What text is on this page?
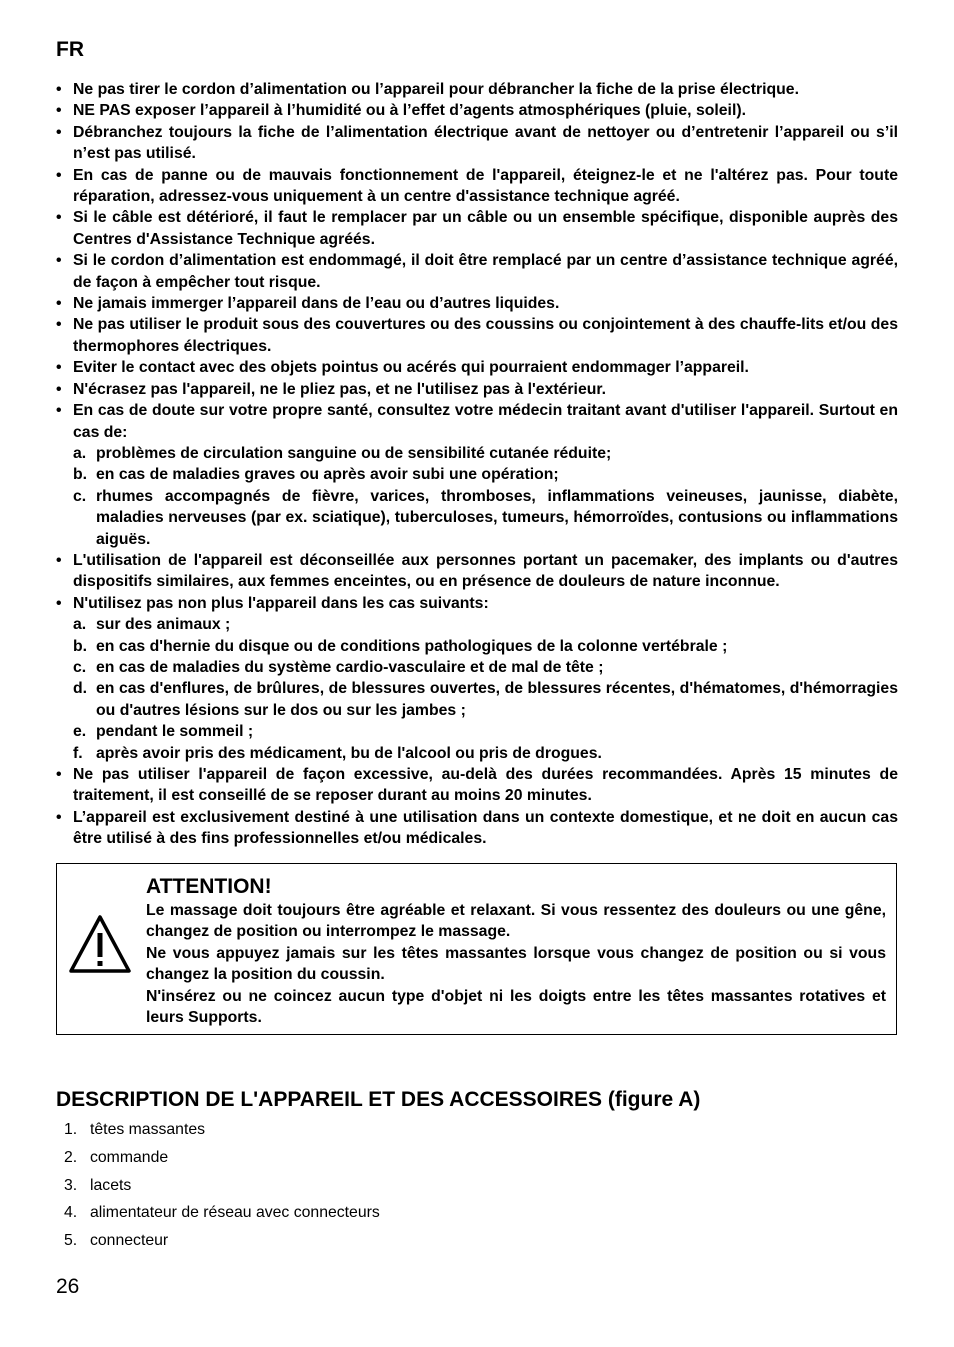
FR
• Ne pas tirer le cordon d’alimentation ou l’appareil pour débrancher la fiche de la prise électrique.
• NE PAS exposer l’appareil à l’humidité ou à l’effet d’agents atmosphériques (pluie, soleil).
• Débranchez toujours la fiche de l’alimentation électrique avant de nettoyer ou d’entretenir l’appareil ou s’il n’est pas utilisé.
• En cas de panne ou de mauvais fonctionnement de l'appareil, éteignez-le et ne l'altérez pas. Pour toute réparation, adressez-vous uniquement à un centre d'assistance technique agréé.
• Si le câble est détérioré, il faut le remplacer par un câble ou un ensemble spécifique, disponible auprès des Centres d'Assistance Technique agréés.
• Si le cordon d’alimentation est endommagé, il doit être remplacé par un centre d’assistance technique agréé, de façon à empêcher tout risque.
• Ne jamais immerger l’appareil dans de l’eau ou d’autres liquides.
• Ne pas utiliser le produit sous des couvertures ou des coussins ou conjointement à des chauffe-lits et/ou des thermophores électriques.
• Eviter le contact avec des objets pointus ou acérés qui pourraient endommager l’appareil.
• N'écrasez pas l'appareil, ne le pliez pas, et ne l'utilisez pas à l'extérieur.
• En cas de doute sur votre propre santé, consultez votre médecin traitant avant d'utiliser l'appareil. Surtout en cas de:
a. problèmes de circulation sanguine ou de sensibilité cutanée réduite;
b. en cas de maladies graves ou après avoir subi une opération;
c. rhumes accompagnés de fièvre, varices, thromboses, inflammations veineuses, jaunisse, diabète, maladies nerveuses (par ex. sciatique), tuberculoses, tumeurs, hémorroïdes, contusions ou inflammations aiguës.
• L'utilisation de l'appareil est déconseillée aux personnes portant un pacemaker, des implants ou d'autres dispositifs similaires, aux femmes enceintes, ou en présence de douleurs de nature inconnue.
• N'utilisez pas non plus l'appareil dans les cas suivants:
a. sur des animaux ;
b. en cas d'hernie du disque ou de conditions pathologiques de la colonne vertébrale ;
c. en cas de maladies du système cardio-vasculaire et de mal de tête ;
d. en cas d'enflures, de brûlures, de blessures ouvertes, de blessures récentes, d'hématomes, d'hémorragies ou d'autres lésions sur le dos ou sur les jambes ;
e. pendant le sommeil ;
f. après avoir pris des médicament, bu de l'alcool ou pris de drogues.
• Ne pas utiliser l'appareil de façon excessive, au-delà des durées recommandées. Après 15 minutes de traitement, il est conseillé de se reposer durant au moins 20 minutes.
• L’appareil est exclusivement destiné à une utilisation dans un contexte domestique, et ne doit en aucun cas être utilisé à des fins professionnelles et/ou médicales.
ATTENTION!

Le massage doit toujours être agréable et relaxant. Si vous ressentez des douleurs ou une gêne, changez de position ou interrompez le massage.

Ne vous appuyez jamais sur les têtes massantes lorsque vous changez de position ou si vous changez la position du coussin.

N'insérez ou ne coincez aucun type d'objet ni les doigts entre les têtes massantes rotatives et leurs Supports.

DESCRIPTION DE L'APPAREIL ET DES ACCESSOIRES (figure A)
1. têtes massantes
2. commande
3. lacets
4. alimentateur de réseau avec connecteurs
5. connecteur
26
